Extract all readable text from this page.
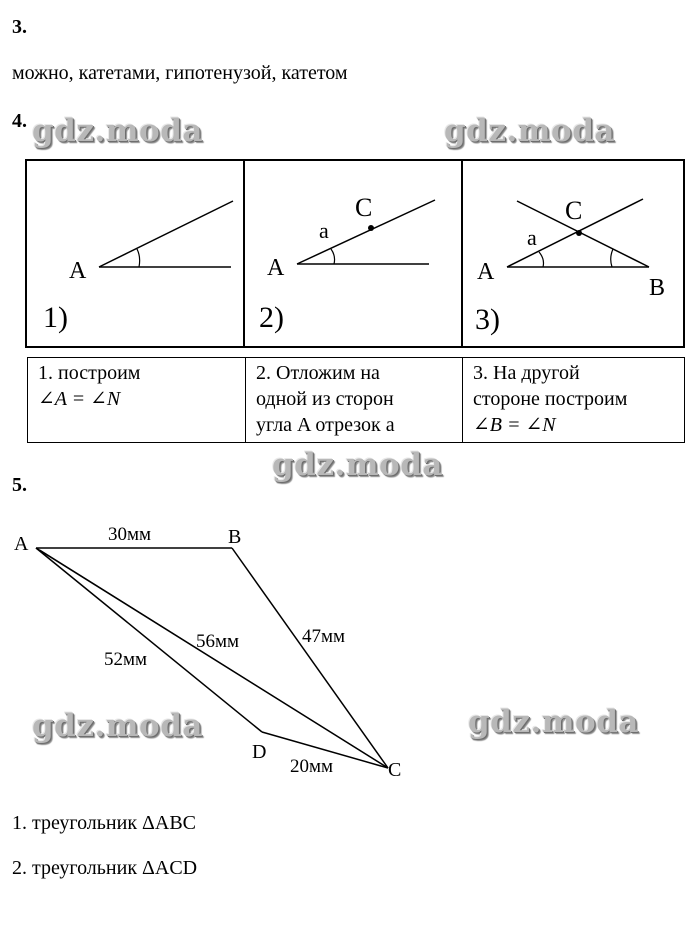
3.
можно, катетами, гипотенузой, катетом
4. gdz.moda	gdz.moda
A
1)
A
C
a
2)
A
B
C
a
3)
1. построим
∠A = ∠N
2. Отложим на
одной из сторон
угла A отрезок a
3. На другой
стороне построим
∠B = ∠N
gdz.moda
5.
A	B
C
D
30мм
47мм
56мм
52мм
20мм
gdz.moda	gdz.moda
1. треугольник ΔABC
2. треугольник ΔACD
